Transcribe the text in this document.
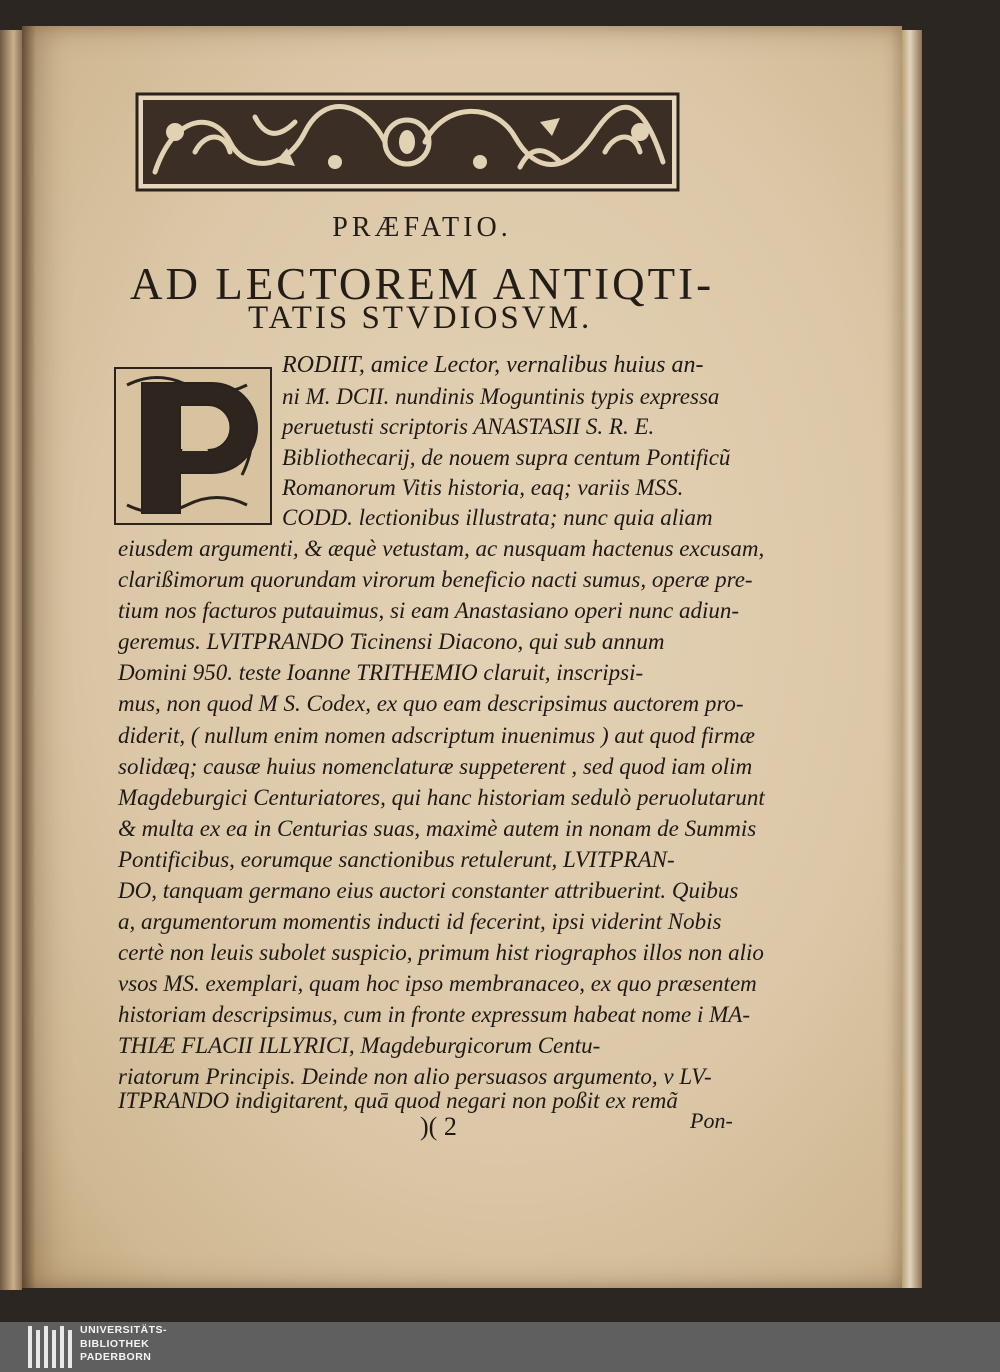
PRÆFATIO.
AD LECTOREM ANTIQTI-
TATIS STVDIOSVM.
RODIIT, amice Lector, vernalibus huius an-
ni M. DCII. nundinis Moguntinis typis expressa
peruetusti scriptoris ANASTASII S. R. E.
Bibliothecarij, de nouem supra centum Pontificũ
Romanorum Vitis historia, eaq; variis MSS.
CODD. lectionibus illustrata; nunc quia aliam
eiusdem argumenti, & æquè vetustam, ac nusquam hactenus excusam,
clarißimorum quorundam virorum beneficio nacti sumus, operæ pre-
tium nos facturos putauimus, si eam Anastasiano operi nunc adiun-
geremus. LVITPRANDO Ticinensi Diacono, qui sub annum
Domini 950. teste Ioanne TRITHEMIO claruit, inscripsi-
mus, non quod M S. Codex, ex quo eam descripsimus auctorem pro-
diderit, ( nullum enim nomen adscriptum inuenimus ) aut quod firmæ
solidæq; causæ huius nomenclaturæ suppeterent , sed quod iam olim
Magdeburgici Centuriatores, qui hanc historiam sedulò peruolutarunt
& multa ex ea in Centurias suas, maximè autem in nonam de Summis
Pontificibus, eorumque sanctionibus retulerunt, LVITPRAN-
DO, tanquam germano eius auctori constanter attribuerint. Quibus
a, argumentorum momentis inducti id fecerint, ipsi viderint Nobis
certè non leuis subolet suspicio, primum hist riographos illos non alio
vsos MS. exemplari, quam hoc ipso membranaceo, ex quo præsentem
historiam descripsimus, cum in fronte expressum habeat nome i MA-
THIÆ FLACII ILLYRICI, Magdeburgicorum Centu-
riatorum Principis. Deinde non alio persuasos argumento, v LV-
ITPRANDO indigitarent, quā quod negari non poßit ex remã
)( 2	Pon-
UNIVERSITÄTS-
BIBLIOTHEK
PADERBORN
